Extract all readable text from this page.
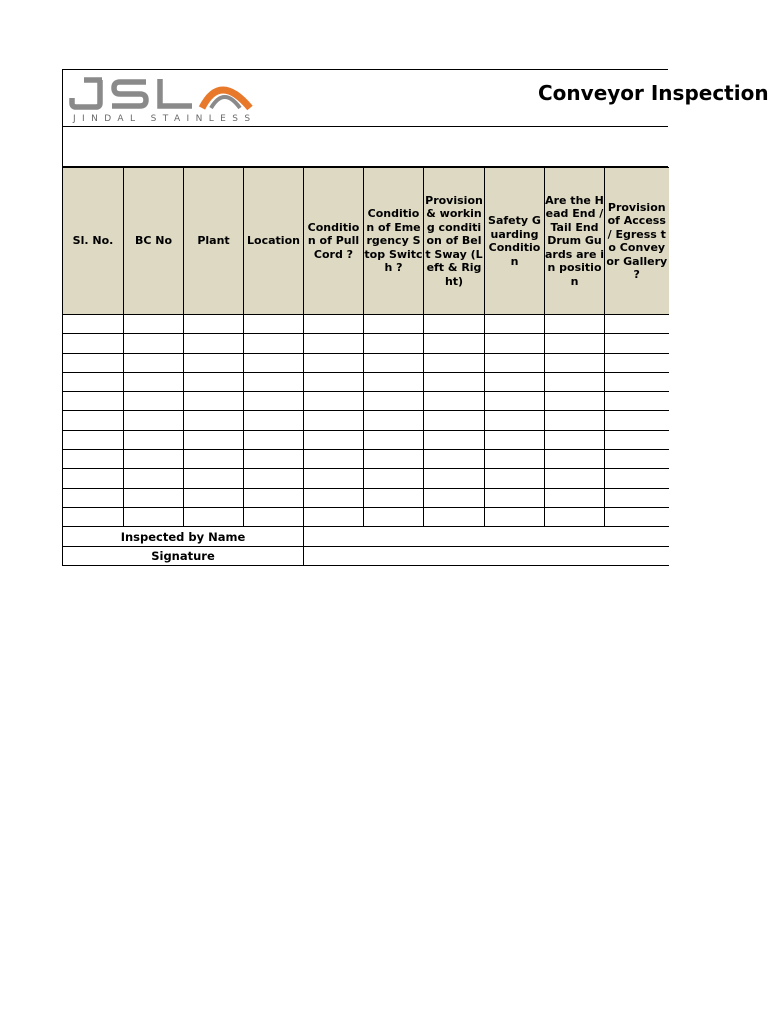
JINDAL STAINLESS
Conveyor Inspection
Sl. No.	BC No	Plant	Location	Condition of Pull Cord ?	Condition of Emergency Stop Switch ?	Provision & working condition of Belt Sway (Left & Right)	Safety Guarding Condition	Are the Head End / Tail End Drum Guards are in position	Provision of Access / Egress to Conveyor Gallery ?

Inspected by Name									
Signature									
